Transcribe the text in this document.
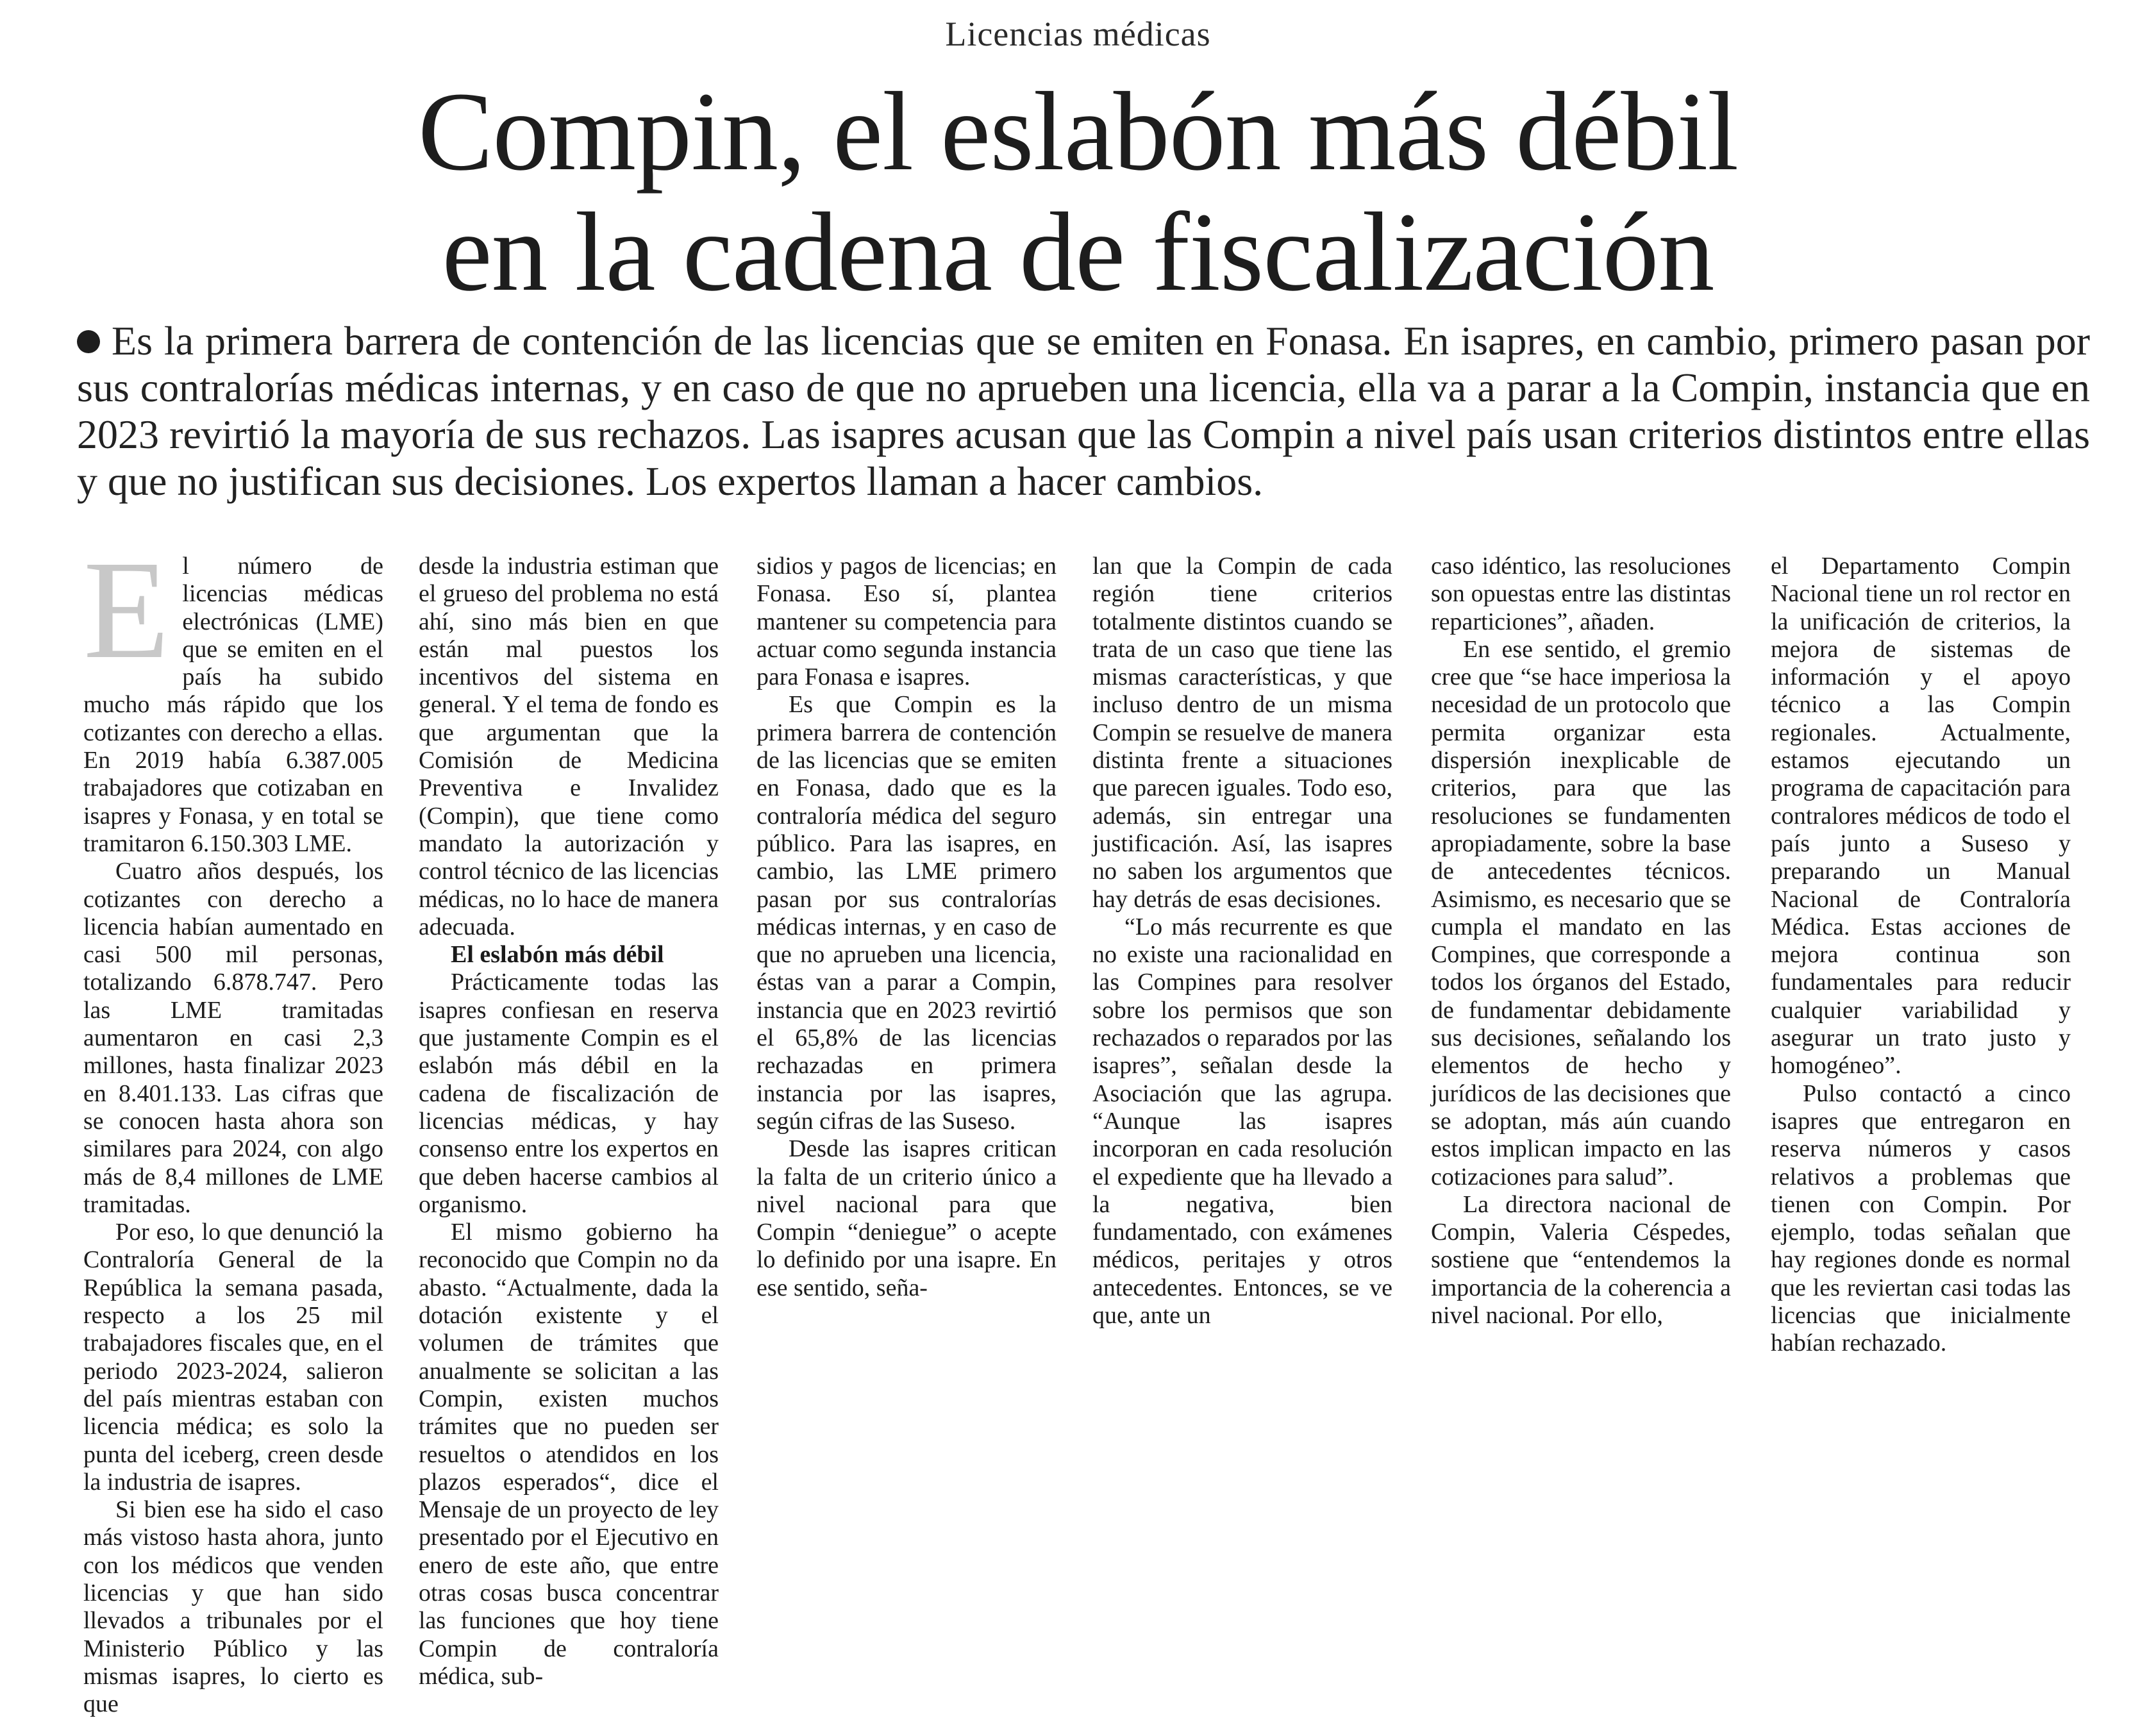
Licencias médicas
Compin, el eslabón más débil
en la cadena de fiscalización
Es la primera barrera de contención de las licencias que se emiten en Fonasa. En isapres, en cambio, primero pasan por sus contralorías médicas internas, y en caso de que no aprueben una licencia, ella va a parar a la Compin, instancia que en 2023 revirtió la mayoría de sus rechazos. Las isapres acusan que las Compin a nivel país usan criterios distintos entre ellas y que no justifican sus decisiones. Los expertos llaman a hacer cambios.
E l número de licencias médicas electrónicas (LME) que se emiten en el país ha subido mucho más rápido que los cotizantes con derecho a ellas. En 2019 había 6.387.005 trabajadores que cotizaban en isapres y Fonasa, y en total se tramitaron 6.150.303 LME.

Cuatro años después, los cotizantes con derecho a licencia habían aumentado en casi 500 mil personas, totalizando 6.878.747. Pero las LME tramitadas aumentaron en casi 2,3 millones, hasta finalizar 2023 en 8.401.133. Las cifras que se conocen hasta ahora son similares para 2024, con algo más de 8,4 millones de LME tramitadas.

Por eso, lo que denunció la Contraloría General de la República la semana pasada, respecto a los 25 mil trabajadores fiscales que, en el periodo 2023-2024, salieron del país mientras estaban con licencia médica; es solo la punta del iceberg, creen desde la industria de isapres.

Si bien ese ha sido el caso más vistoso hasta ahora, junto con los médicos que venden licencias y que han sido llevados a tribunales por el Ministerio Público y las mismas isapres, lo cierto es que

desde la industria estiman que el grueso del problema no está ahí, sino más bien en que están mal puestos los incentivos del sistema en general. Y el tema de fondo es que argumentan que la Comisión de Medicina Preventiva e Invalidez (Compin), que tiene como mandato la autorización y control técnico de las licencias médicas, no lo hace de manera adecuada.

El eslabón más débil

Prácticamente todas las isapres confiesan en reserva que justamente Compin es el eslabón más débil en la cadena de fiscalización de licencias médicas, y hay consenso entre los expertos en que deben hacerse cambios al organismo.

El mismo gobierno ha reconocido que Compin no da abasto. “Actualmente, dada la dotación existente y el volumen de trámites que anualmente se solicitan a las Compin, existen muchos trámites que no pueden ser resueltos o atendidos en los plazos esperados“, dice el Mensaje de un proyecto de ley presentado por el Ejecutivo en enero de este año, que entre otras cosas busca concentrar las funciones que hoy tiene Compin de contraloría médica, sub-

sidios y pagos de licencias; en Fonasa. Eso sí, plantea mantener su competencia para actuar como segunda instancia para Fonasa e isapres.

Es que Compin es la primera barrera de contención de las licencias que se emiten en Fonasa, dado que es la contraloría médica del seguro público. Para las isapres, en cambio, las LME primero pasan por sus contralorías médicas internas, y en caso de que no aprueben una licencia, éstas van a parar a Compin, instancia que en 2023 revirtió el 65,8% de las licencias rechazadas en primera instancia por las isapres, según cifras de las Suseso.

Desde las isapres critican la falta de un criterio único a nivel nacional para que Compin “deniegue” o acepte lo definido por una isapre. En ese sentido, seña-

lan que la Compin de cada región tiene criterios totalmente distintos cuando se trata de un caso que tiene las mismas características, y que incluso dentro de un misma Compin se resuelve de manera distinta frente a situaciones que parecen iguales. Todo eso, además, sin entregar una justificación. Así, las isapres no saben los argumentos que hay detrás de esas decisiones.

“Lo más recurrente es que no existe una racionalidad en las Compines para resolver sobre los permisos que son rechazados o reparados por las isapres”, señalan desde la Asociación que las agrupa. “Aunque las isapres incorporan en cada resolución el expediente que ha llevado a la negativa, bien fundamentado, con exámenes médicos, peritajes y otros antecedentes. Entonces, se ve que, ante un

caso idéntico, las resoluciones son opuestas entre las distintas reparticiones”, añaden.

En ese sentido, el gremio cree que “se hace imperiosa la necesidad de un protocolo que permita organizar esta dispersión inexplicable de criterios, para que las resoluciones se fundamenten apropiadamente, sobre la base de antecedentes técnicos. Asimismo, es necesario que se cumpla el mandato en las Compines, que corresponde a todos los órganos del Estado, de fundamentar debidamente sus decisiones, señalando los elementos de hecho y jurídicos de las decisiones que se adoptan, más aún cuando estos implican impacto en las cotizaciones para salud”.

La directora nacional de Compin, Valeria Céspedes, sostiene que “entendemos la importancia de la coherencia a nivel nacional. Por ello,

el Departamento Compin Nacional tiene un rol rector en la unificación de criterios, la mejora de sistemas de información y el apoyo técnico a las Compin regionales. Actualmente, estamos ejecutando un programa de capacitación para contralores médicos de todo el país junto a Suseso y preparando un Manual Nacional de Contraloría Médica. Estas acciones de mejora continua son fundamentales para reducir cualquier variabilidad y asegurar un trato justo y homogéneo”.

Pulso contactó a cinco isapres que entregaron en reserva números y casos relativos a problemas que tienen con Compin. Por ejemplo, todas señalan que hay regiones donde es normal que les reviertan casi todas las licencias que inicialmente habían rechazado.
